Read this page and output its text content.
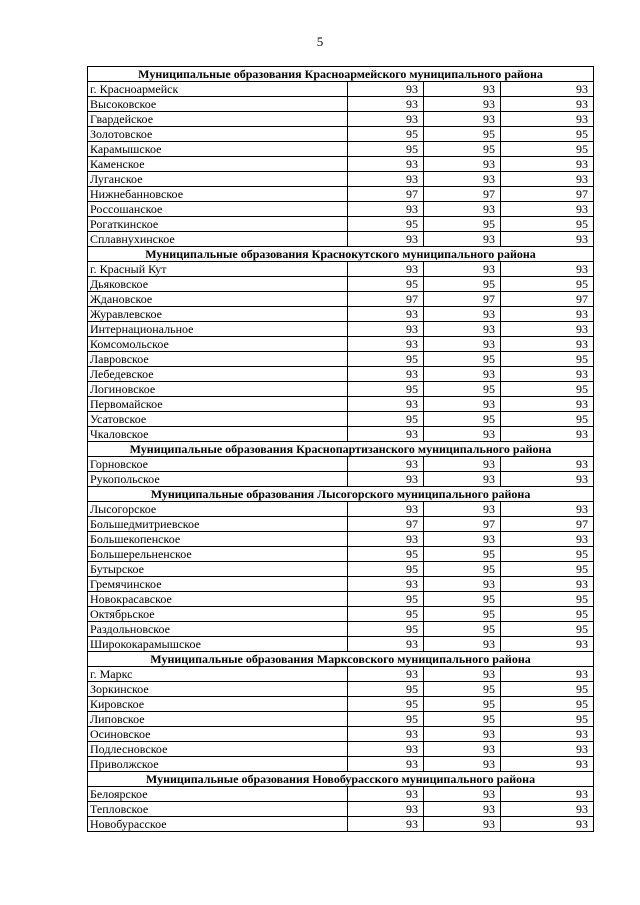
5
Муниципальные образования Красноармейского муниципального района			
г. Красноармейск	93	93	93
Высоковское	93	93	93
Гвардейское	93	93	93
Золотовское	95	95	95
Карамышское	95	95	95
Каменское	93	93	93
Луганское	93	93	93
Нижнебанновское	97	97	97
Россошанское	93	93	93
Рогаткинское	95	95	95
Сплавнухинское	93	93	93
Муниципальные образования Краснокутского муниципального района			
г. Красный Кут	93	93	93
Дьяковское	95	95	95
Ждановское	97	97	97
Журавлевское	93	93	93
Интернациональное	93	93	93
Комсомольское	93	93	93
Лавровское	95	95	95
Лебедевское	93	93	93
Логиновское	95	95	95
Первомайское	93	93	93
Усатовское	95	95	95
Чкаловское	93	93	93
Муниципальные образования Краснопартизанского муниципального района			
Горновское	93	93	93
Рукопольское	93	93	93
Муниципальные образования Лысогорского муниципального района			
Лысогорское	93	93	93
Большедмитриевское	97	97	97
Большекопенское	93	93	93
Большерельненское	95	95	95
Бутырское	95	95	95
Гремячинское	93	93	93
Новокрасавское	95	95	95
Октябрьское	95	95	95
Раздольновское	95	95	95
Ширококарамышское	93	93	93
Муниципальные образования Марксовского муниципального района			
г. Маркс	93	93	93
Зоркинское	95	95	95
Кировское	95	95	95
Липовское	95	95	95
Осиновское	93	93	93
Подлесновское	93	93	93
Приволжское	93	93	93
Муниципальные образования Новобурасского муниципального района			
Белоярское	93	93	93
Тепловское	93	93	93
Новобурасское	93	93	93
